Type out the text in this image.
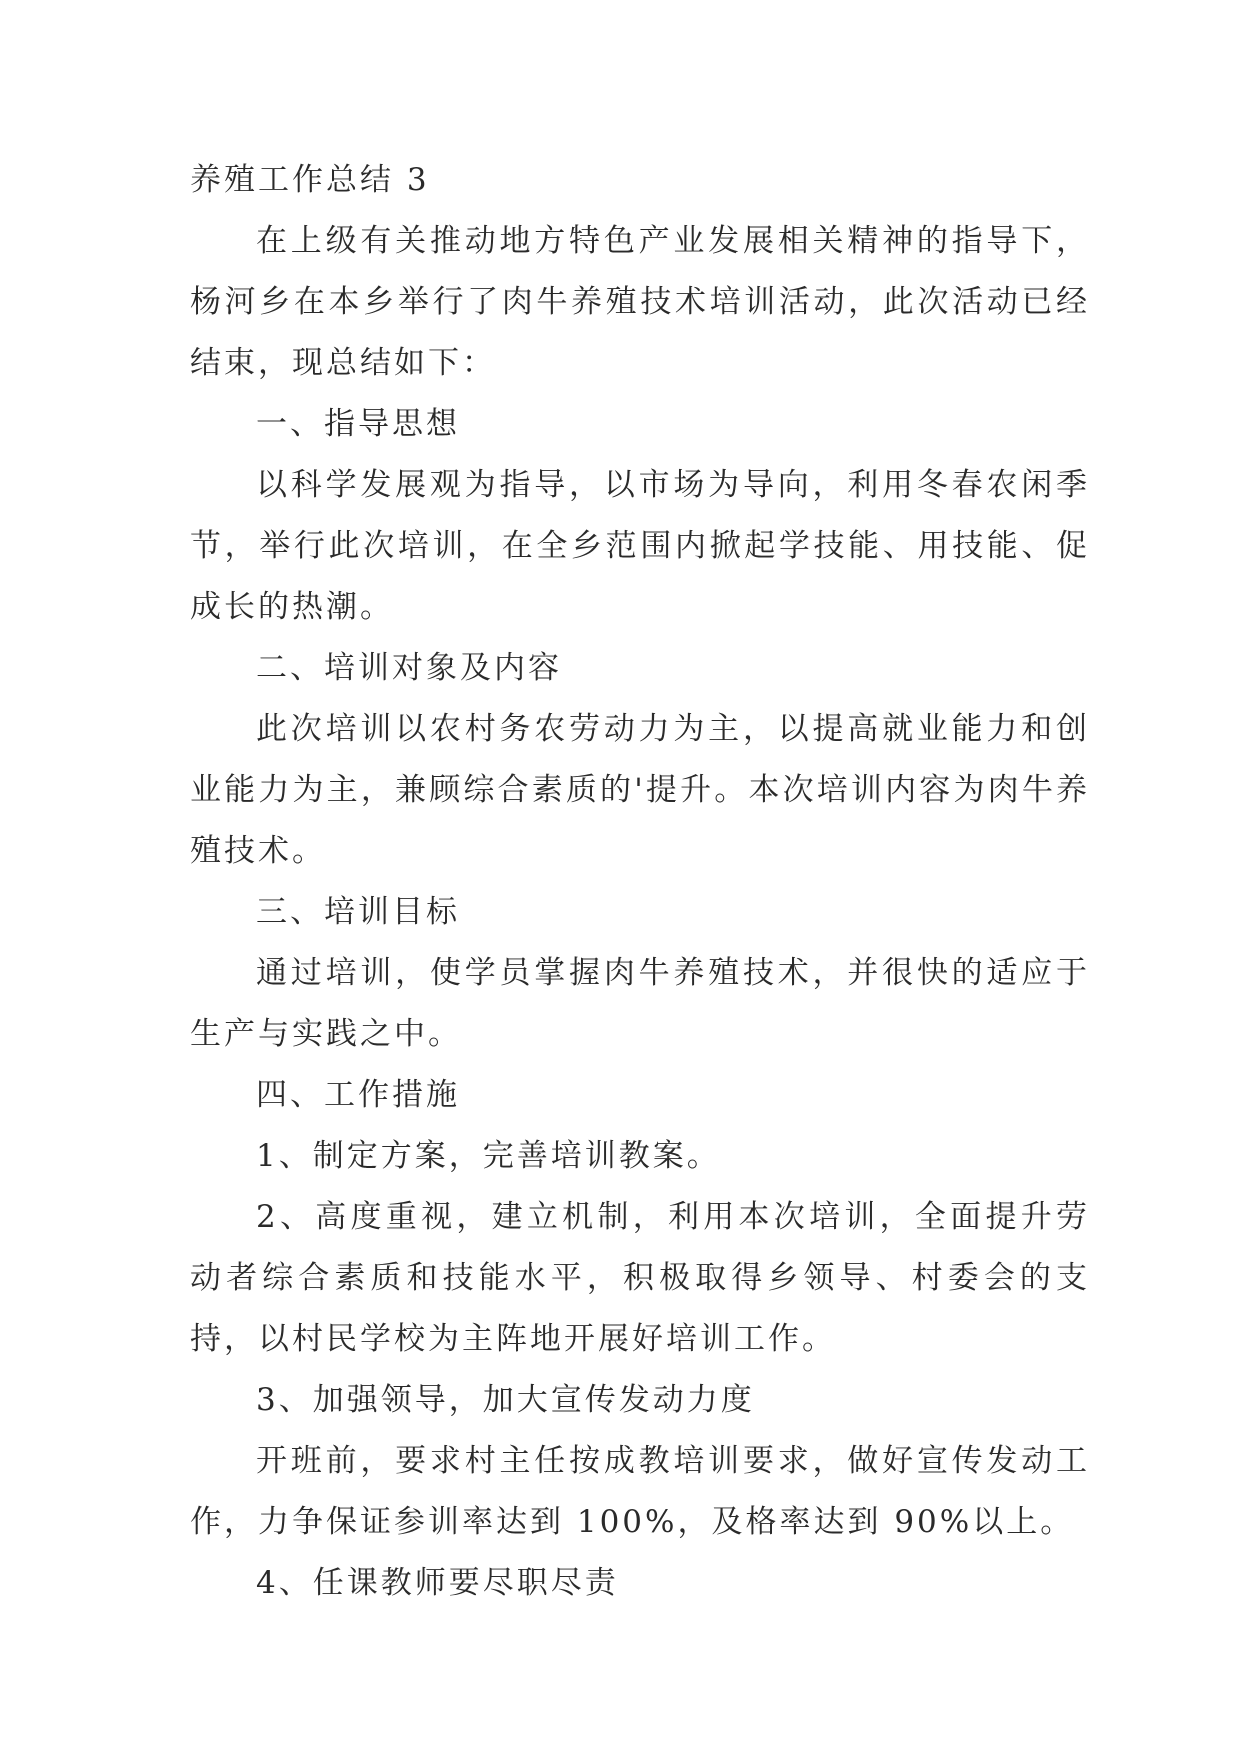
养殖工作总结 3

在上级有关推动地方特色产业发展相关精神的指导下，杨河乡在本乡举行了肉牛养殖技术培训活动，此次活动已经结束，现总结如下：

一、指导思想

以科学发展观为指导，以市场为导向，利用冬春农闲季节，举行此次培训，在全乡范围内掀起学技能、用技能、促成长的热潮。

二、培训对象及内容

此次培训以农村务农劳动力为主，以提高就业能力和创业能力为主，兼顾综合素质的'提升。本次培训内容为肉牛养殖技术。

三、培训目标

通过培训，使学员掌握肉牛养殖技术，并很快的适应于生产与实践之中。

四、工作措施

1、制定方案，完善培训教案。

2、高度重视，建立机制，利用本次培训，全面提升劳动者综合素质和技能水平，积极取得乡领导、村委会的支持，以村民学校为主阵地开展好培训工作。

3、加强领导，加大宣传发动力度

开班前，要求村主任按成教培训要求，做好宣传发动工作，力争保证参训率达到 100%，及格率达到 90%以上。

4、任课教师要尽职尽责
